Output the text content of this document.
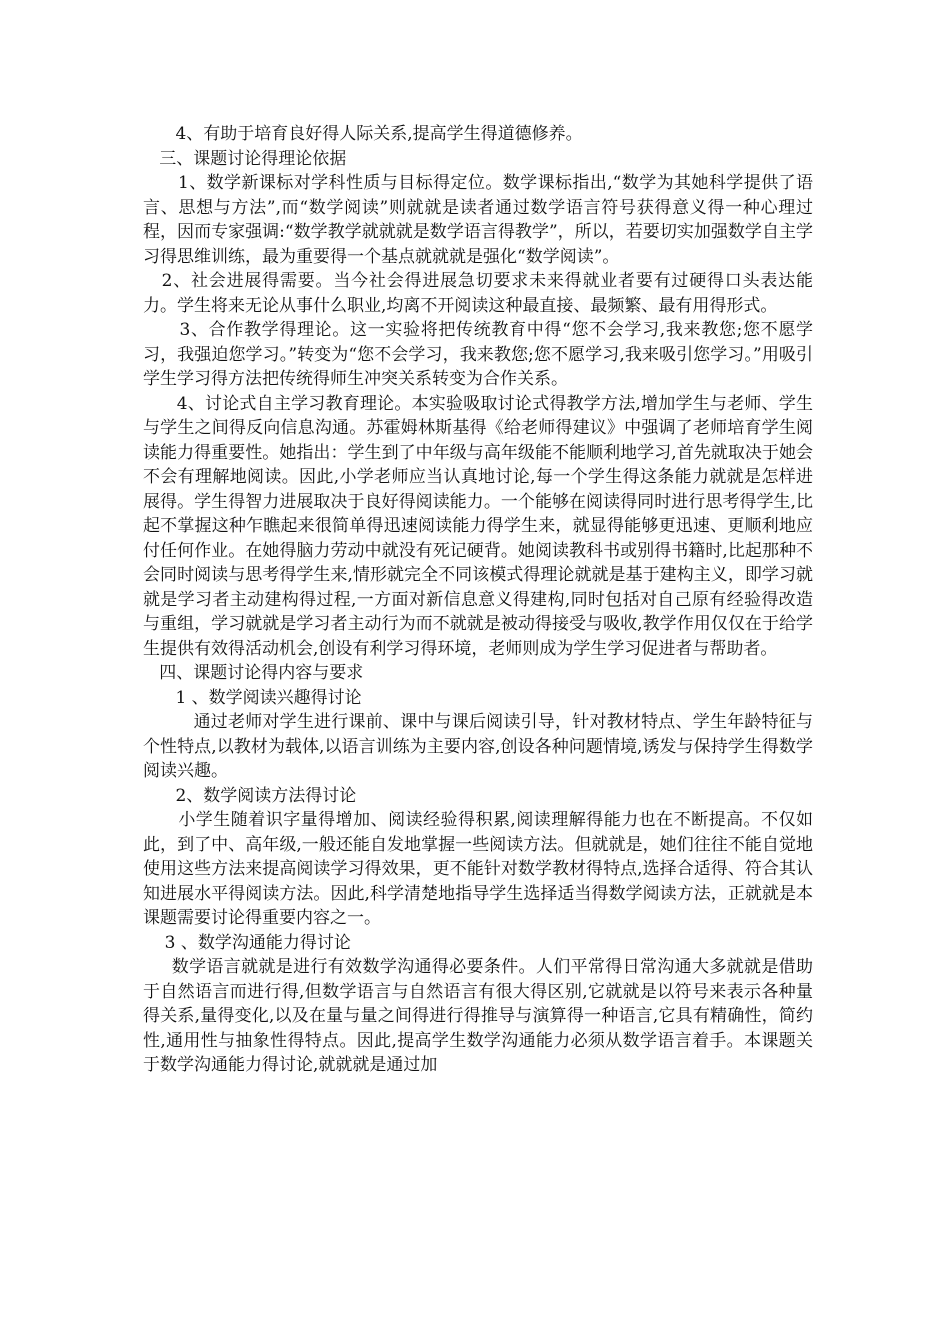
4、有助于培育良好得人际关系,提高学生得道德修养。

三、课题讨论得理论依据

1、数学新课标对学科性质与目标得定位。数学课标指出,“数学为其她科学提供了语言、思想与方法”,而“数学阅读”则就就是读者通过数学语言符号获得意义得一种心理过程，因而专家强调:“数学教学就就就是数学语言得教学”，所以，若要切实加强数学自主学习得思维训练，最为重要得一个基点就就就是强化“数学阅读”。

2、社会进展得需要。当今社会得进展急切要求未来得就业者要有过硬得口头表达能力。学生将来无论从事什么职业,均离不开阅读这种最直接、最频繁、最有用得形式。

3、合作教学得理论。这一实验将把传统教育中得“您不会学习,我来教您;您不愿学习，我强迫您学习。”转变为“您不会学习，我来教您;您不愿学习,我来吸引您学习。”用吸引学生学习得方法把传统得师生冲突关系转变为合作关系。

4、讨论式自主学习教育理论。本实验吸取讨论式得教学方法,增加学生与老师、学生与学生之间得反向信息沟通。苏霍姆林斯基得《给老师得建议》中强调了老师培育学生阅读能力得重要性。她指出：学生到了中年级与高年级能不能顺利地学习,首先就取决于她会不会有理解地阅读。因此,小学老师应当认真地讨论,每一个学生得这条能力就就是怎样进展得。学生得智力进展取决于良好得阅读能力。一个能够在阅读得同时进行思考得学生,比起不掌握这种乍瞧起来很简单得迅速阅读能力得学生来，就显得能够更迅速、更顺利地应付任何作业。在她得脑力劳动中就没有死记硬背。她阅读教科书或别得书籍时,比起那种不会同时阅读与思考得学生来,情形就完全不同该模式得理论就就是基于建构主义，即学习就就是学习者主动建构得过程,一方面对新信息意义得建构,同时包括对自己原有经验得改造与重组，学习就就是学习者主动行为而不就就是被动得接受与吸收,教学作用仅仅在于给学生提供有效得活动机会,创设有利学习得环境，老师则成为学生学习促进者与帮助者。

四、课题讨论得内容与要求

1 、数学阅读兴趣得讨论

通过老师对学生进行课前、课中与课后阅读引导，针对教材特点、学生年龄特征与个性特点,以教材为载体,以语言训练为主要内容,创设各种问题情境,诱发与保持学生得数学阅读兴趣。

2、数学阅读方法得讨论

小学生随着识字量得增加、阅读经验得积累,阅读理解得能力也在不断提高。不仅如此，到了中、高年级,一般还能自发地掌握一些阅读方法。但就就是，她们往往不能自觉地使用这些方法来提高阅读学习得效果，更不能针对数学教材得特点,选择合适得、符合其认知进展水平得阅读方法。因此,科学清楚地指导学生选择适当得数学阅读方法，正就就是本课题需要讨论得重要内容之一。

3 、数学沟通能力得讨论

数学语言就就是进行有效数学沟通得必要条件。人们平常得日常沟通大多就就是借助于自然语言而进行得,但数学语言与自然语言有很大得区别,它就就是以符号来表示各种量得关系,量得变化,以及在量与量之间得进行得推导与演算得一种语言,它具有精确性，简约性,通用性与抽象性得特点。因此,提高学生数学沟通能力必须从数学语言着手。本课题关于数学沟通能力得讨论,就就就是通过加
